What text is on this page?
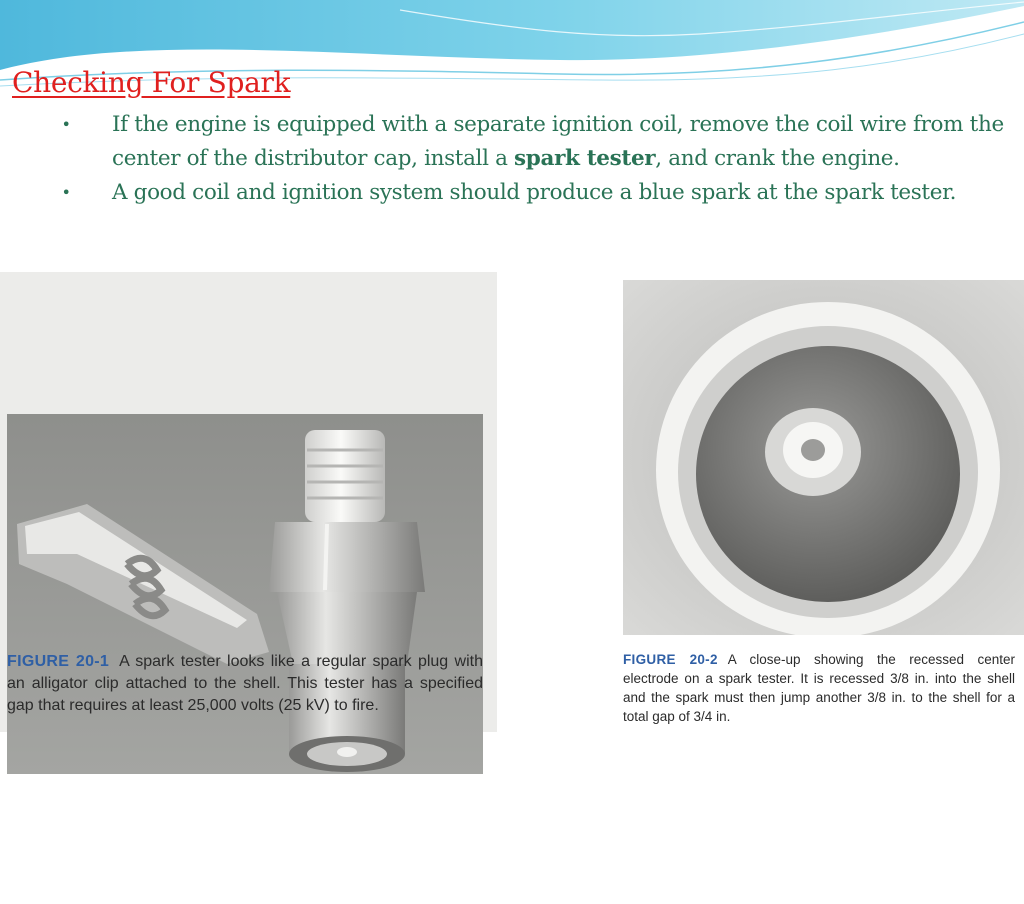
Checking For Spark
• If the engine is equipped with a separate ignition coil, remove the coil wire from the center of the distributor cap, install a spark tester, and crank the engine.
• A good coil and ignition system should produce a blue spark at the spark tester.
FIGURE 20-1 A spark tester looks like a regular spark plug with an alligator clip attached to the shell. This tester has a specified gap that requires at least 25,000 volts (25 kV) to fire.
FIGURE 20-2 A close-up showing the recessed center electrode on a spark tester. It is recessed 3/8 in. into the shell and the spark must then jump another 3/8 in. to the shell for a total gap of 3/4 in.
